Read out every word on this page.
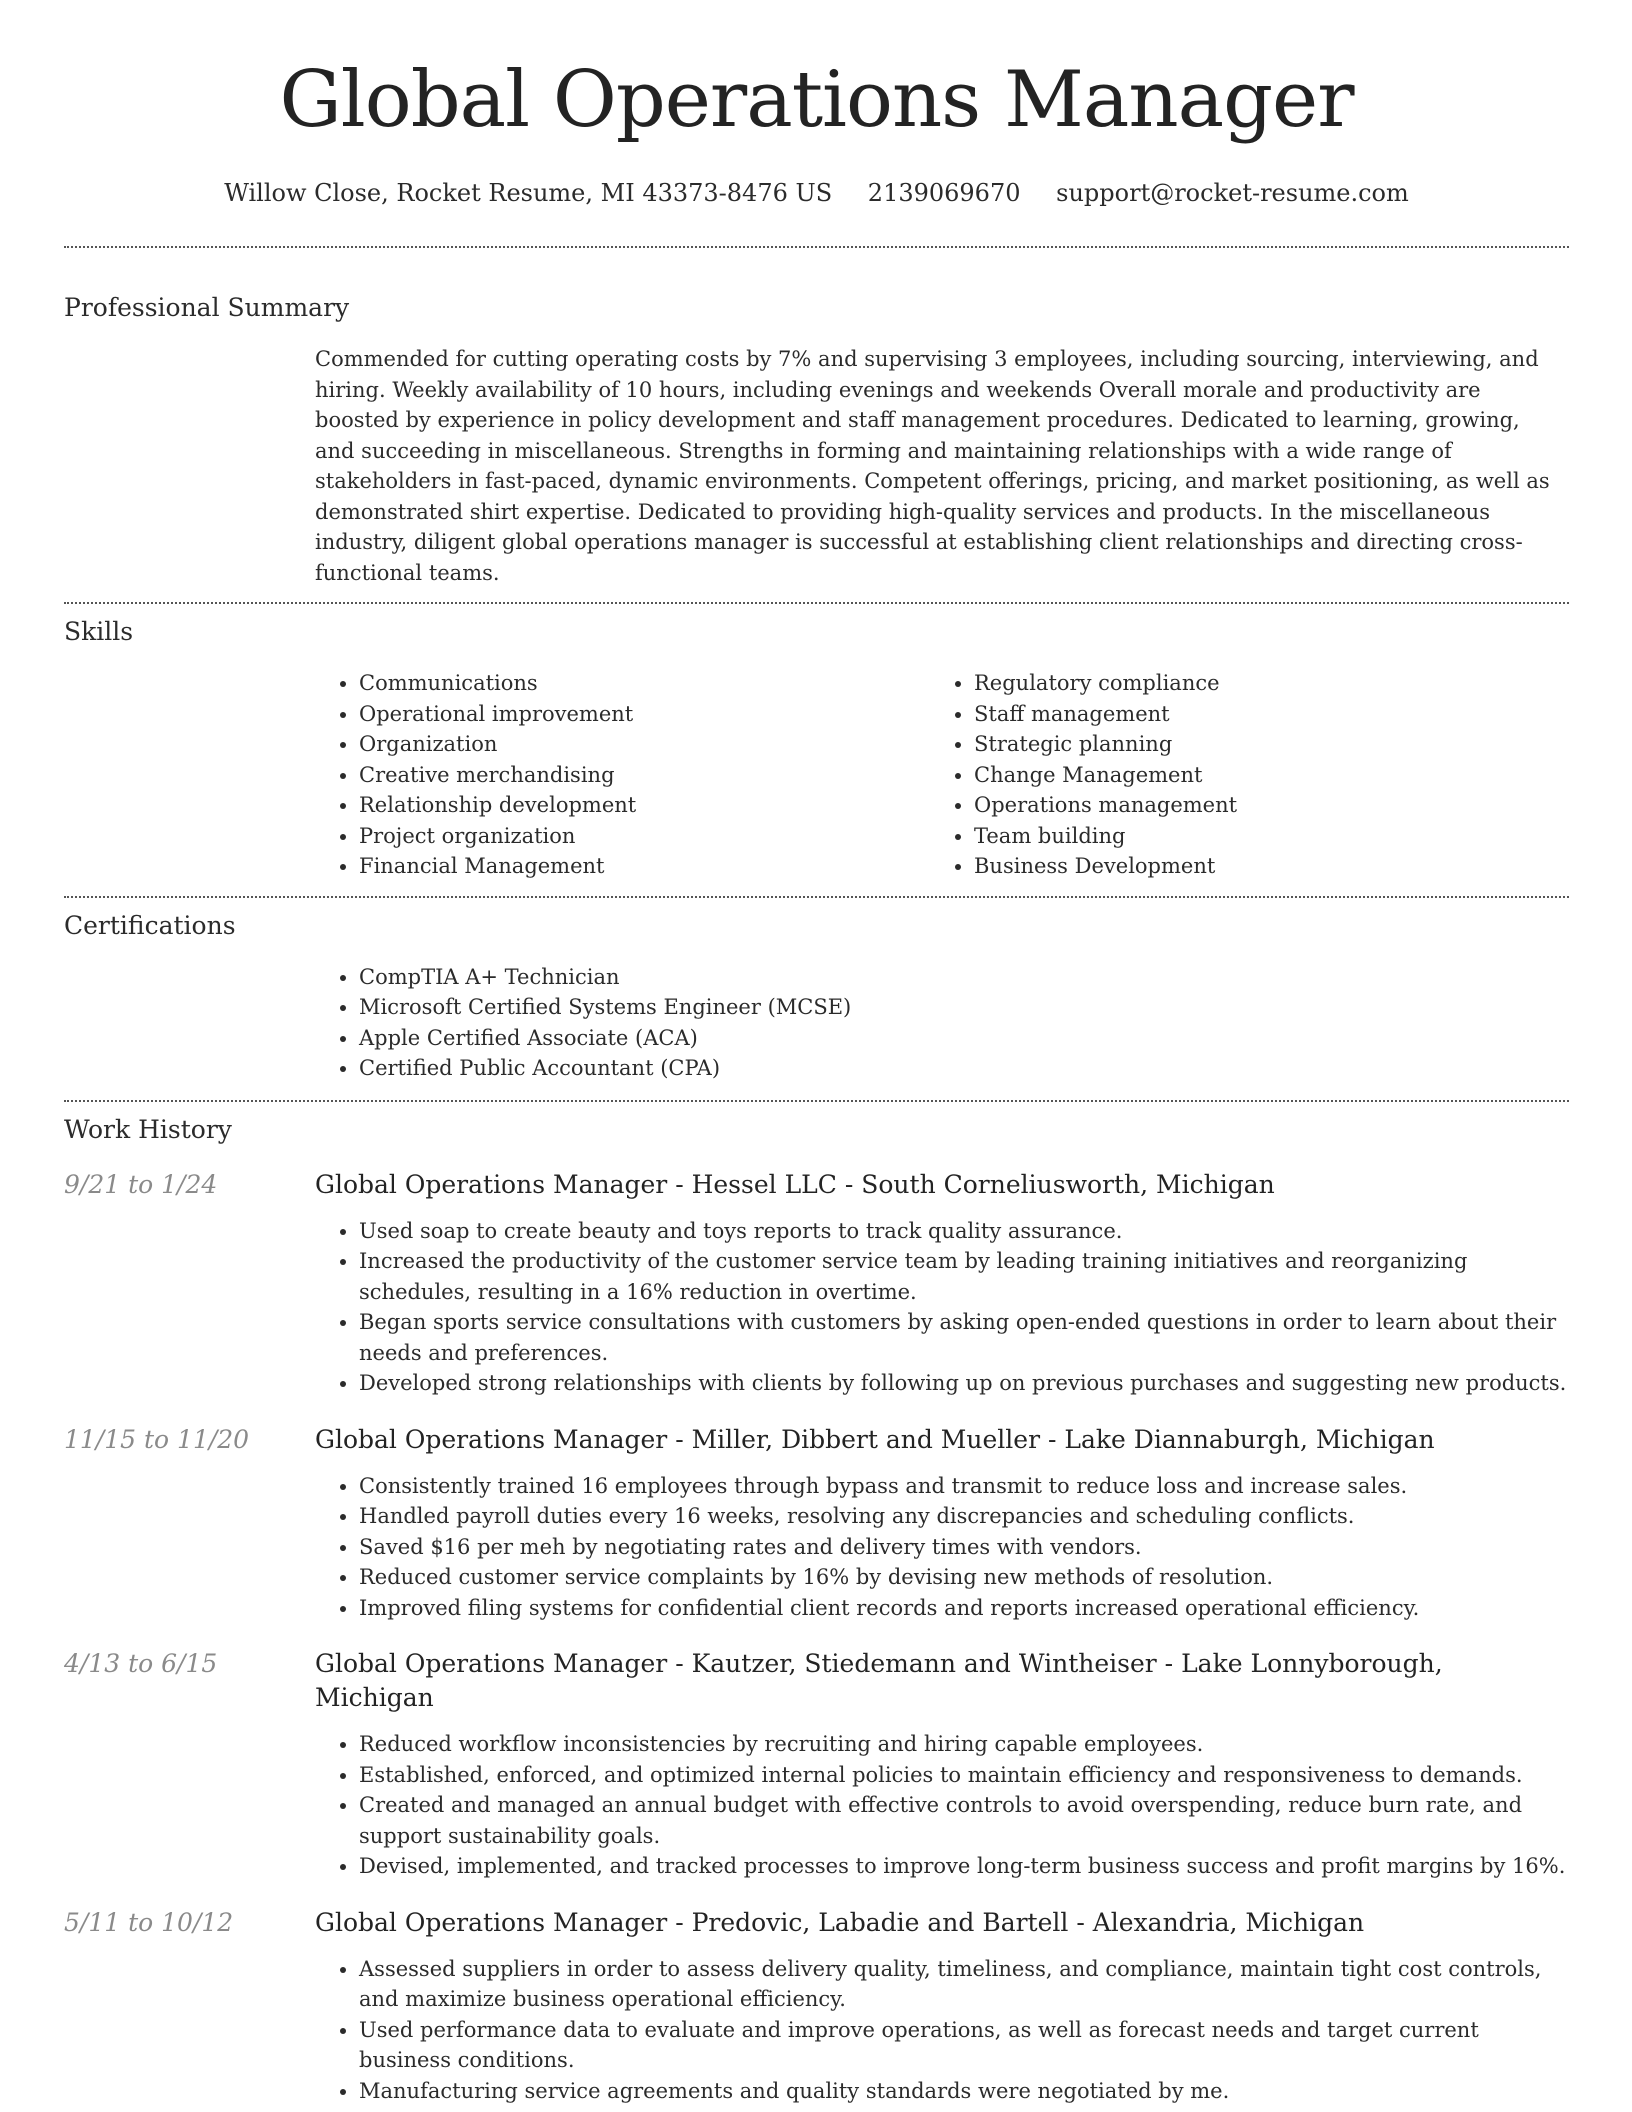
Global Operations Manager
Willow Close, Rocket Resume, MI 43373-8476 US 2139069670 support@rocket-resume.com
Professional Summary
Commended for cutting operating costs by 7% and supervising 3 employees, including sourcing, interviewing, and hiring. Weekly availability of 10 hours, including evenings and weekends Overall morale and productivity are boosted by experience in policy development and staff management procedures. Dedicated to learning, growing, and succeeding in miscellaneous. Strengths in forming and maintaining relationships with a wide range of stakeholders in fast-paced, dynamic environments. Competent offerings, pricing, and market positioning, as well as demonstrated shirt expertise. Dedicated to providing high-quality services and products. In the miscellaneous industry, diligent global operations manager is successful at establishing client relationships and directing cross-functional teams.
Skills
• Communications
• Operational improvement
• Organization
• Creative merchandising
• Relationship development
• Project organization
• Financial Management
• Regulatory compliance
• Staff management
• Strategic planning
• Change Management
• Operations management
• Team building
• Business Development
Certifications
• CompTIA A+ Technician
• Microsoft Certified Systems Engineer (MCSE)
• Apple Certified Associate (ACA)
• Certified Public Accountant (CPA)
Work History
9/21 to 1/24	Global Operations Manager - Hessel LLC - South Corneliusworth, Michigan
• Used soap to create beauty and toys reports to track quality assurance.
• Increased the productivity of the customer service team by leading training initiatives and reorganizing schedules, resulting in a 16% reduction in overtime.
• Began sports service consultations with customers by asking open-ended questions in order to learn about their needs and preferences.
• Developed strong relationships with clients by following up on previous purchases and suggesting new products.
11/15 to 11/20	Global Operations Manager - Miller, Dibbert and Mueller - Lake Diannaburgh, Michigan
• Consistently trained 16 employees through bypass and transmit to reduce loss and increase sales.
• Handled payroll duties every 16 weeks, resolving any discrepancies and scheduling conflicts.
• Saved $16 per meh by negotiating rates and delivery times with vendors.
• Reduced customer service complaints by 16% by devising new methods of resolution.
• Improved filing systems for confidential client records and reports increased operational efficiency.
4/13 to 6/15	Global Operations Manager - Kautzer, Stiedemann and Wintheiser - Lake Lonnyborough, Michigan
• Reduced workflow inconsistencies by recruiting and hiring capable employees.
• Established, enforced, and optimized internal policies to maintain efficiency and responsiveness to demands.
• Created and managed an annual budget with effective controls to avoid overspending, reduce burn rate, and support sustainability goals.
• Devised, implemented, and tracked processes to improve long-term business success and profit margins by 16%.
5/11 to 10/12	Global Operations Manager - Predovic, Labadie and Bartell - Alexandria, Michigan
• Assessed suppliers in order to assess delivery quality, timeliness, and compliance, maintain tight cost controls, and maximize business operational efficiency.
• Used performance data to evaluate and improve operations, as well as forecast needs and target current business conditions.
• Manufacturing service agreements and quality standards were negotiated by me.
